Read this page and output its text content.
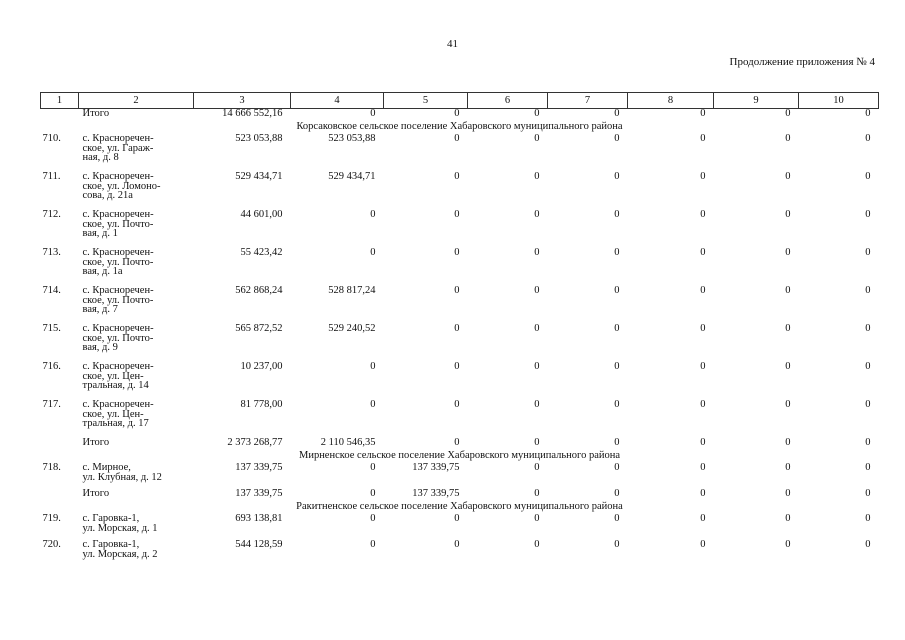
41
Продолжение приложения № 4
1	2	3	4	5	6	7	8	9	10
	Итого	14 666 552,16	0	0	0	0	0	0	0
Корсаковское сельское поселение Хабаровского муниципального района									
710.	с. Красноречен-
ское, ул. Гараж-
ная, д. 8	523 053,88	523 053,88	0	0	0	0	0	0
711.	с. Красноречен-
ское, ул. Ломоно-
сова, д. 21а	529 434,71	529 434,71	0	0	0	0	0	0
712.	с. Красноречен-
ское, ул. Почто-
вая, д. 1	44 601,00	0	0	0	0	0	0	0
713.	с. Красноречен-
ское, ул. Почто-
вая, д. 1а	55 423,42	0	0	0	0	0	0	0
714.	с. Красноречен-
ское, ул. Почто-
вая, д. 7	562 868,24	528 817,24	0	0	0	0	0	0
715.	с. Красноречен-
ское, ул. Почто-
вая, д. 9	565 872,52	529 240,52	0	0	0	0	0	0
716.	с. Красноречен-
ское, ул. Цен-
тральная, д. 14	10 237,00	0	0	0	0	0	0	0
717.	с. Красноречен-
ское, ул. Цен-
тральная, д. 17	81 778,00	0	0	0	0	0	0	0
	Итого	2 373 268,77	2 110 546,35	0	0	0	0	0	0
Мирненское сельское поселение Хабаровского муниципального района									
718.	с. Мирное,
ул. Клубная, д. 12	137 339,75	0	137 339,75	0	0	0	0	0
	Итого	137 339,75	0	137 339,75	0	0	0	0	0
Ракитненское сельское поселение Хабаровского муниципального района									
719.	с. Гаровка-1,
ул. Морская, д. 1	693 138,81	0	0	0	0	0	0	0
720.	с. Гаровка-1,
ул. Морская, д. 2	544 128,59	0	0	0	0	0	0	0
